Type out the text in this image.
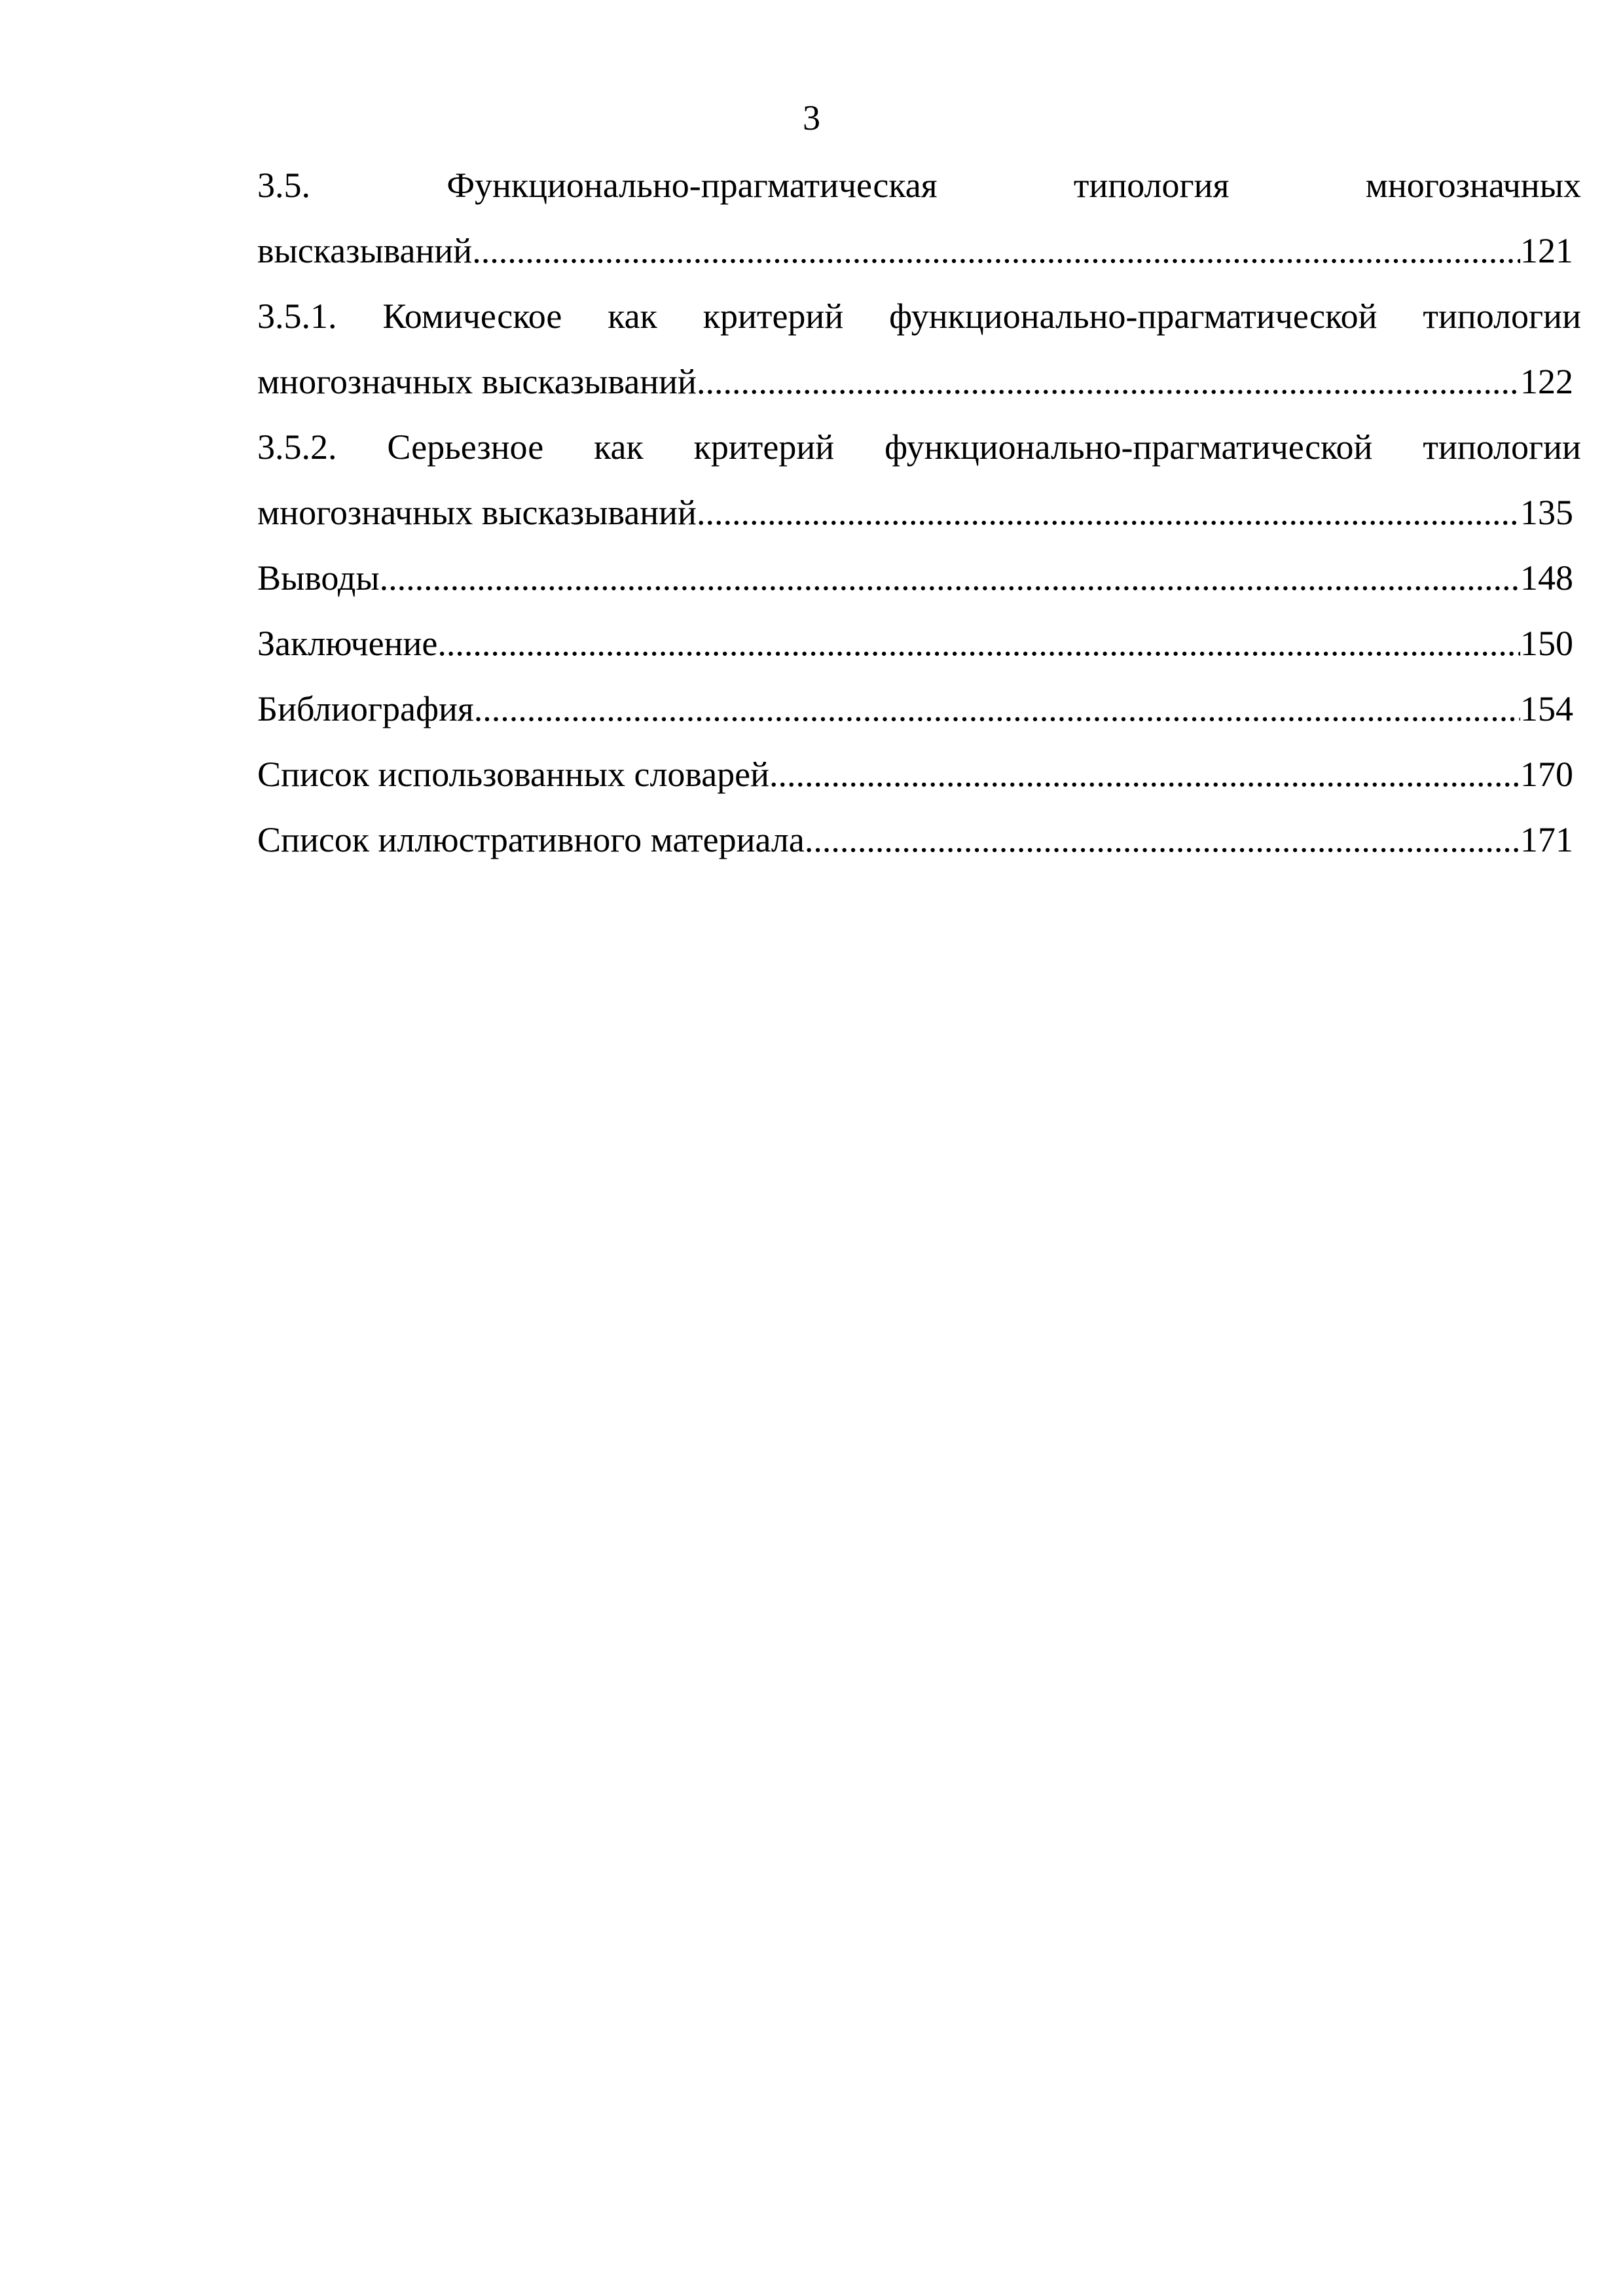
3
3.5.	Функционально-прагматическая	типология	многозначных
высказываний .....	121
3.5.1. Комическое как критерий функционально-прагматической типологии
многозначных высказываний .....	122
3.5.2. Серьезное как критерий функционально-прагматической типологии
многозначных высказываний .....	135
Выводы .....	148
Заключение .....	150
Библиография .....	154
Список использованных словарей .....	170
Список иллюстративного материала .....	171
